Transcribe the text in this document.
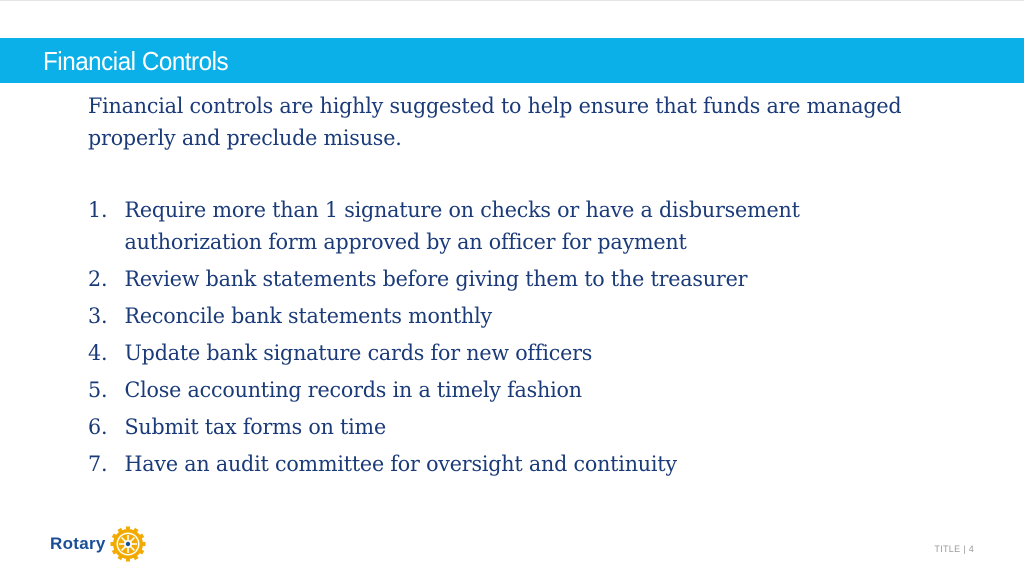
Financial Controls

Financial controls are highly suggested to help ensure that funds are managed properly and preclude misuse.

1. Require more than 1 signature on checks or have a disbursement authorization form approved by an officer for payment
2. Review bank statements before giving them to the treasurer
3. Reconcile bank statements monthly
4. Update bank signature cards for new officers
5. Close accounting records in a timely fashion
6. Submit tax forms on time
7. Have an audit committee for oversight and continuity
Rotary	TITLE | 4
